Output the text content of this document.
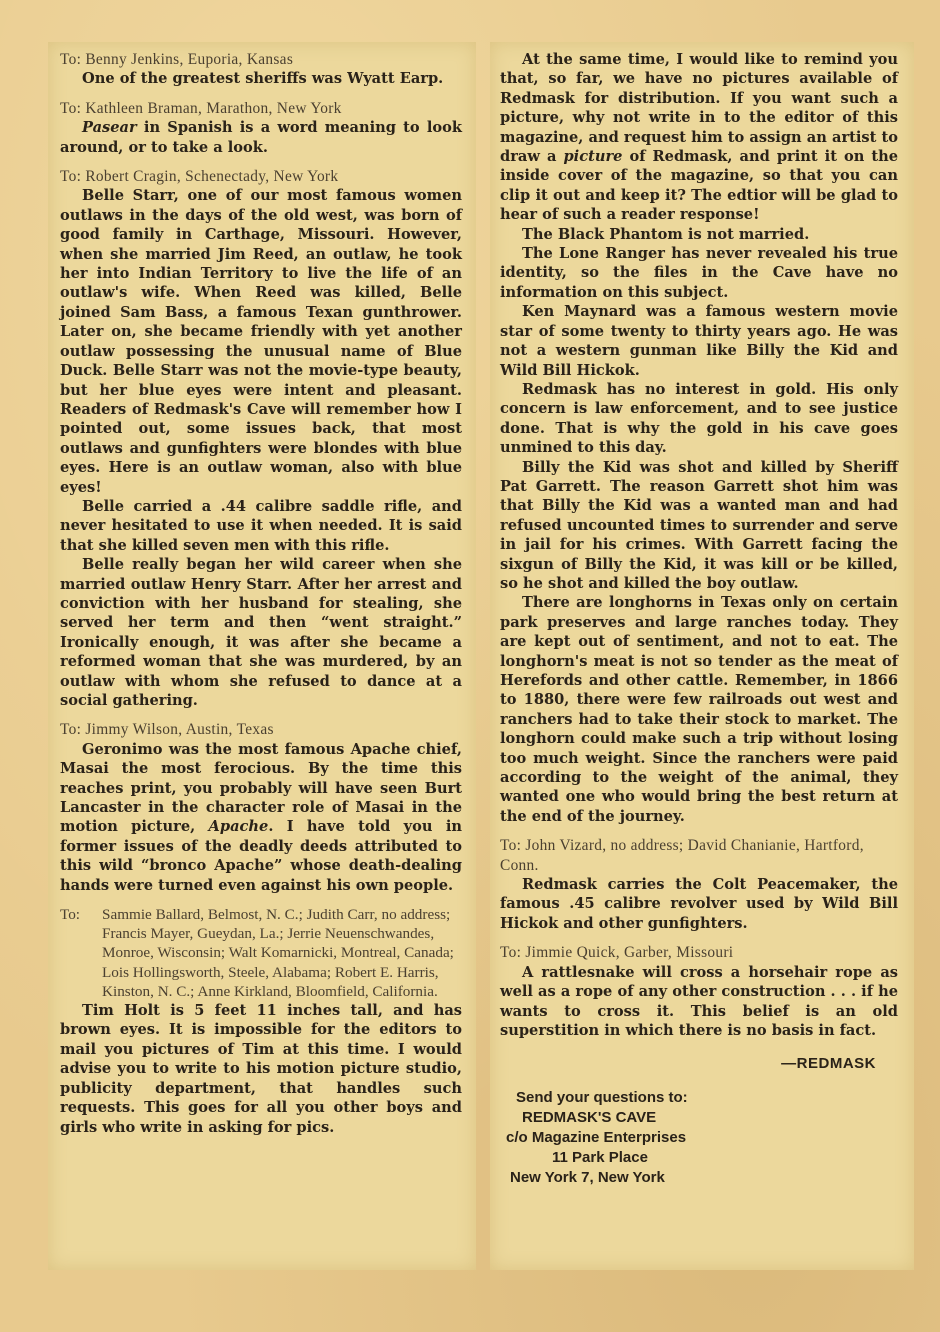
To: Benny Jenkins, Euporia, Kansas

One of the greatest sheriffs was Wyatt Earp.

To: Kathleen Braman, Marathon, New York

Pasear in Spanish is a word meaning to look around, or to take a look.

To: Robert Cragin, Schenectady, New York

Belle Starr, one of our most famous women outlaws in the days of the old west, was born of good family in Carthage, Missouri. However, when she married Jim Reed, an outlaw, he took her into Indian Territory to live the life of an outlaw's wife. When Reed was killed, Belle joined Sam Bass, a famous Texan gunthrower. Later on, she became friendly with yet another outlaw possessing the unusual name of Blue Duck. Belle Starr was not the movie-type beauty, but her blue eyes were intent and pleasant. Readers of Redmask's Cave will remember how I pointed out, some issues back, that most outlaws and gunfighters were blondes with blue eyes. Here is an outlaw woman, also with blue eyes!

Belle carried a .44 calibre saddle rifle, and never hesitated to use it when needed. It is said that she killed seven men with this rifle.

Belle really began her wild career when she married outlaw Henry Starr. After her arrest and conviction with her husband for stealing, she served her term and then “went straight.” Ironically enough, it was after she became a reformed woman that she was murdered, by an outlaw with whom she refused to dance at a social gathering.

To: Jimmy Wilson, Austin, Texas

Geronimo was the most famous Apache chief, Masai the most ferocious. By the time this reaches print, you probably will have seen Burt Lancaster in the character role of Masai in the motion picture, Apache. I have told you in former issues of the deadly deeds attributed to this wild “bronco Apache” whose death-dealing hands were turned even against his own people.

To:	Sammie Ballard, Belmost, N. C.; Judith Carr, no address; Francis Mayer, Gueydan, La.; Jerrie Neuenschwandes, Monroe, Wisconsin; Walt Komarnicki, Montreal, Canada; Lois Hollingsworth, Steele, Alabama; Robert E. Harris, Kinston, N. C.; Anne Kirkland, Bloomfield, California.

Tim Holt is 5 feet 11 inches tall, and has brown eyes. It is impossible for the editors to mail you pictures of Tim at this time. I would advise you to write to his motion picture studio, publicity department, that handles such requests. This goes for all you other boys and girls who write in asking for pics.

At the same time, I would like to remind you that, so far, we have no pictures available of Redmask for distribution. If you want such a picture, why not write in to the editor of this magazine, and request him to assign an artist to draw a picture of Redmask, and print it on the inside cover of the magazine, so that you can clip it out and keep it? The edtior will be glad to hear of such a reader response!

The Black Phantom is not married.

The Lone Ranger has never revealed his true identity, so the files in the Cave have no information on this subject.

Ken Maynard was a famous western movie star of some twenty to thirty years ago. He was not a western gunman like Billy the Kid and Wild Bill Hickok.

Redmask has no interest in gold. His only concern is law enforcement, and to see justice done. That is why the gold in his cave goes unmined to this day.

Billy the Kid was shot and killed by Sheriff Pat Garrett. The reason Garrett shot him was that Billy the Kid was a wanted man and had refused uncounted times to surrender and serve in jail for his crimes. With Garrett facing the sixgun of Billy the Kid, it was kill or be killed, so he shot and killed the boy outlaw.

There are longhorns in Texas only on certain park preserves and large ranches today. They are kept out of sentiment, and not to eat. The longhorn's meat is not so tender as the meat of Herefords and other cattle. Remember, in 1866 to 1880, there were few railroads out west and ranchers had to take their stock to market. The longhorn could make such a trip without losing too much weight. Since the ranchers were paid according to the weight of the animal, they wanted one who would bring the best return at the end of the journey.

To: John Vizard, no address; David Chanianie, Hartford, Conn.

Redmask carries the Colt Peacemaker, the famous .45 calibre revolver used by Wild Bill Hickok and other gunfighters.

To: Jimmie Quick, Garber, Missouri

A rattlesnake will cross a horsehair rope as well as a rope of any other construction . . . if he wants to cross it. This belief is an old superstition in which there is no basis in fact.

—REDMASK
Send your questions to:
REDMASK'S CAVE
c/o Magazine Enterprises
11 Park Place
New York 7, New York
